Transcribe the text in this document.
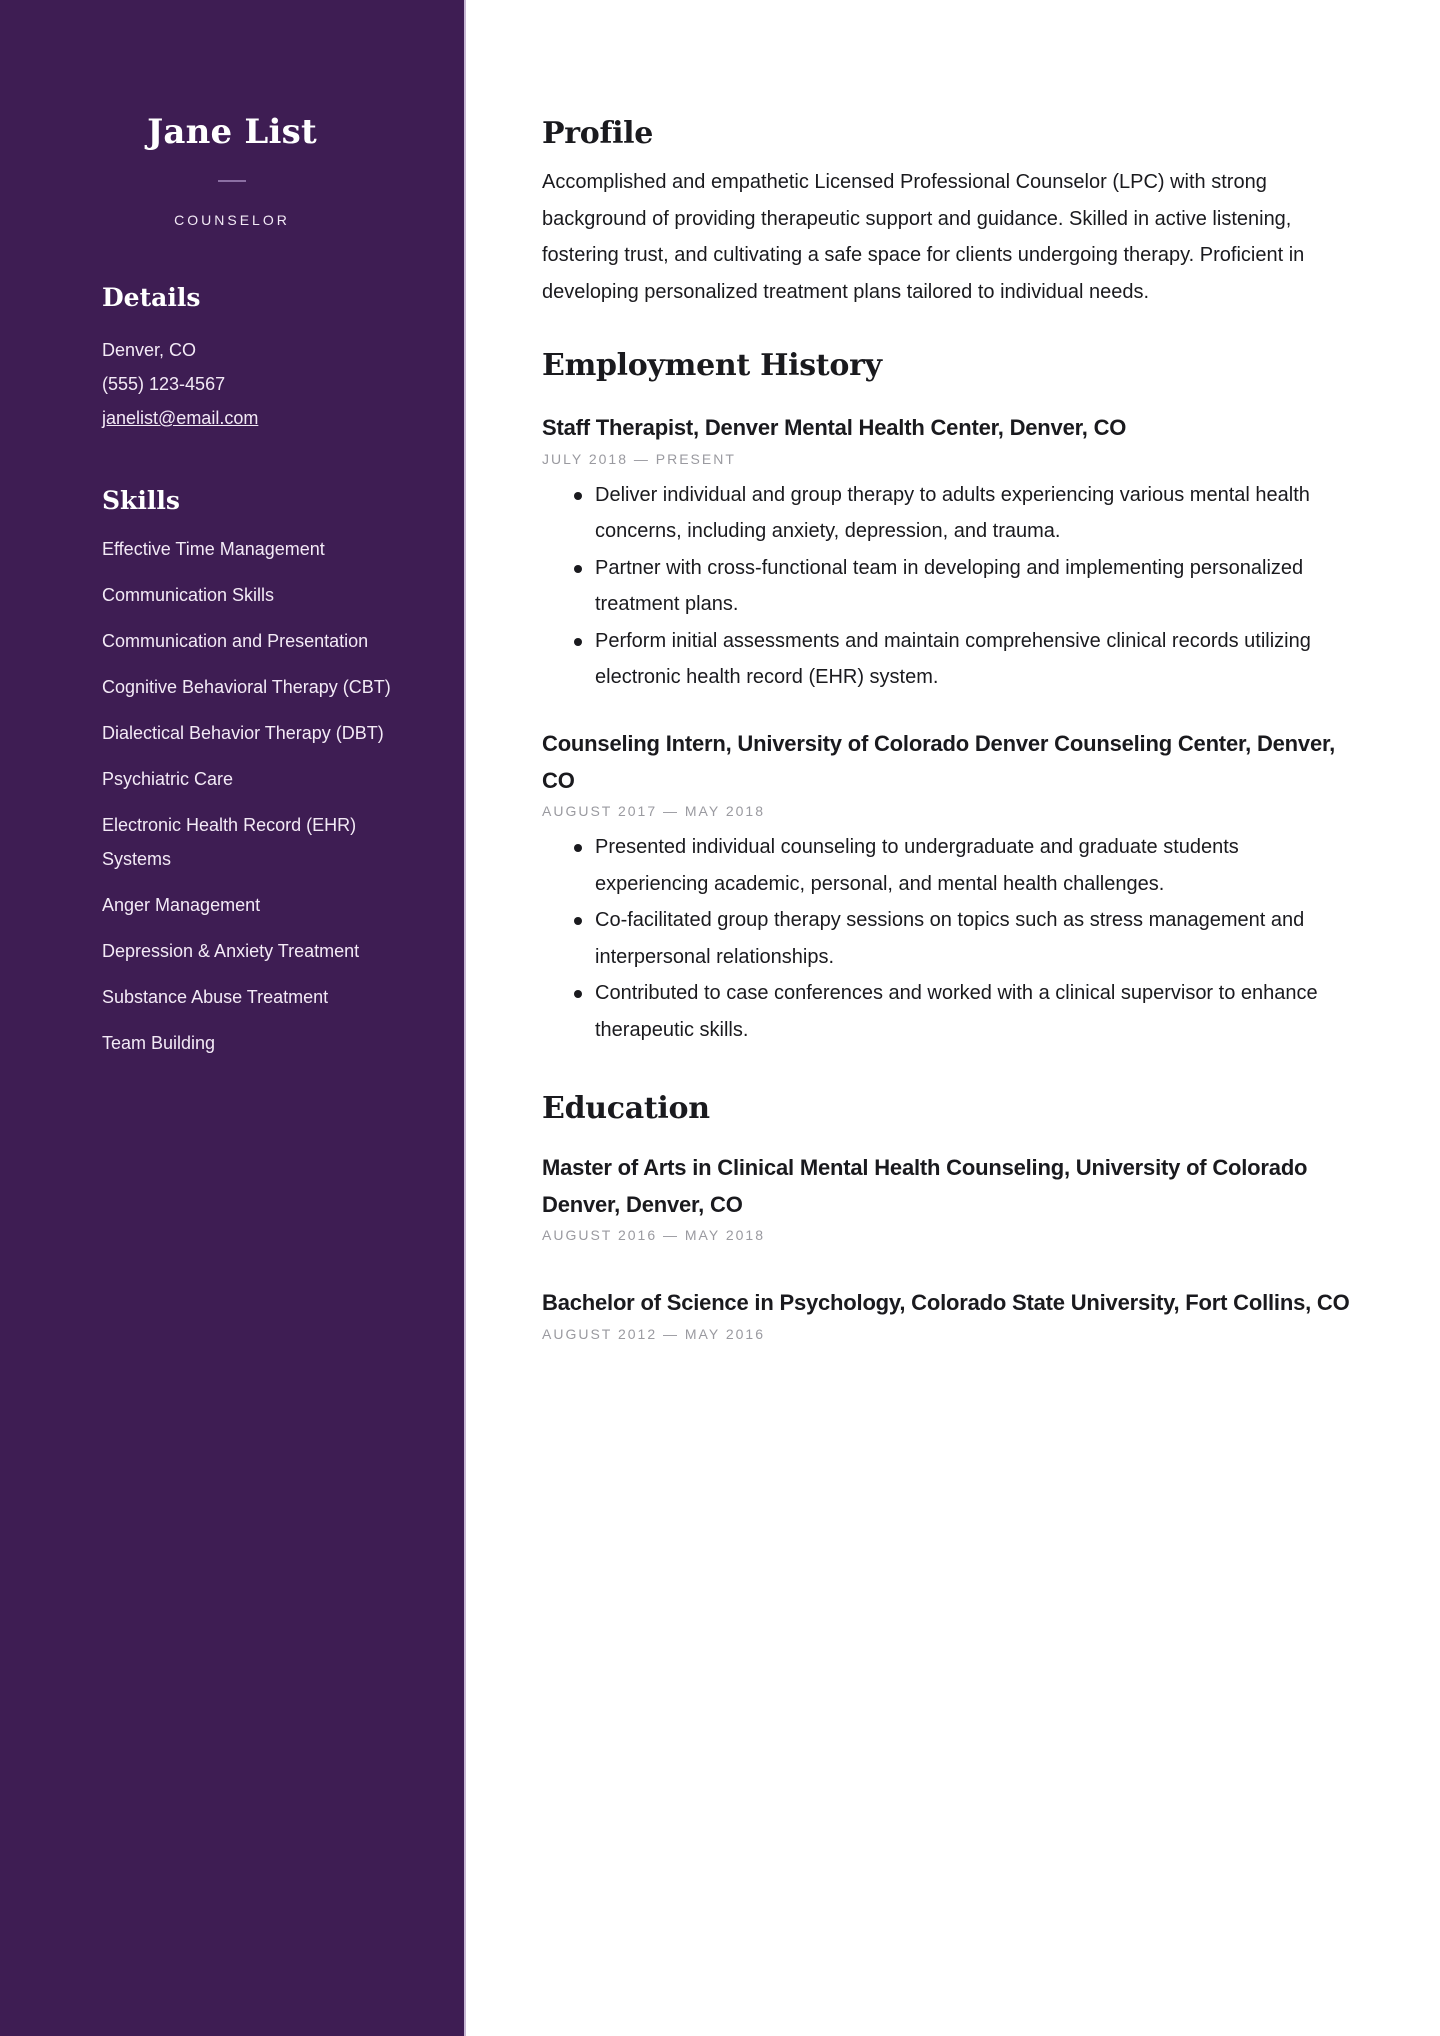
Jane List
COUNSELOR
Details
Denver, CO
(555) 123-4567
janelist@email.com
Skills
Effective Time Management
Communication Skills
Communication and Presentation
Cognitive Behavioral Therapy (CBT)
Dialectical Behavior Therapy (DBT)
Psychiatric Care
Electronic Health Record (EHR) Systems
Anger Management
Depression & Anxiety Treatment
Substance Abuse Treatment
Team Building
Profile

Accomplished and empathetic Licensed Professional Counselor (LPC) with strong background of providing therapeutic support and guidance. Skilled in active listening, fostering trust, and cultivating a safe space for clients undergoing therapy. Proficient in developing personalized treatment plans tailored to individual needs.

Employment History
Staff Therapist, Denver Mental Health Center, Denver, CO
JULY 2018 — PRESENT
Deliver individual and group therapy to adults experiencing various mental health concerns, including anxiety, depression, and trauma.
Partner with cross-functional team in developing and implementing personalized treatment plans.
Perform initial assessments and maintain comprehensive clinical records utilizing electronic health record (EHR) system.
Counseling Intern, University of Colorado Denver Counseling Center, Denver, CO
AUGUST 2017 — MAY 2018
Presented individual counseling to undergraduate and graduate students experiencing academic, personal, and mental health challenges.
Co-facilitated group therapy sessions on topics such as stress management and interpersonal relationships.
Contributed to case conferences and worked with a clinical supervisor to enhance therapeutic skills.
Education
Master of Arts in Clinical Mental Health Counseling, University of Colorado Denver, Denver, CO
AUGUST 2016 — MAY 2018
Bachelor of Science in Psychology, Colorado State University, Fort Collins, CO
AUGUST 2012 — MAY 2016
